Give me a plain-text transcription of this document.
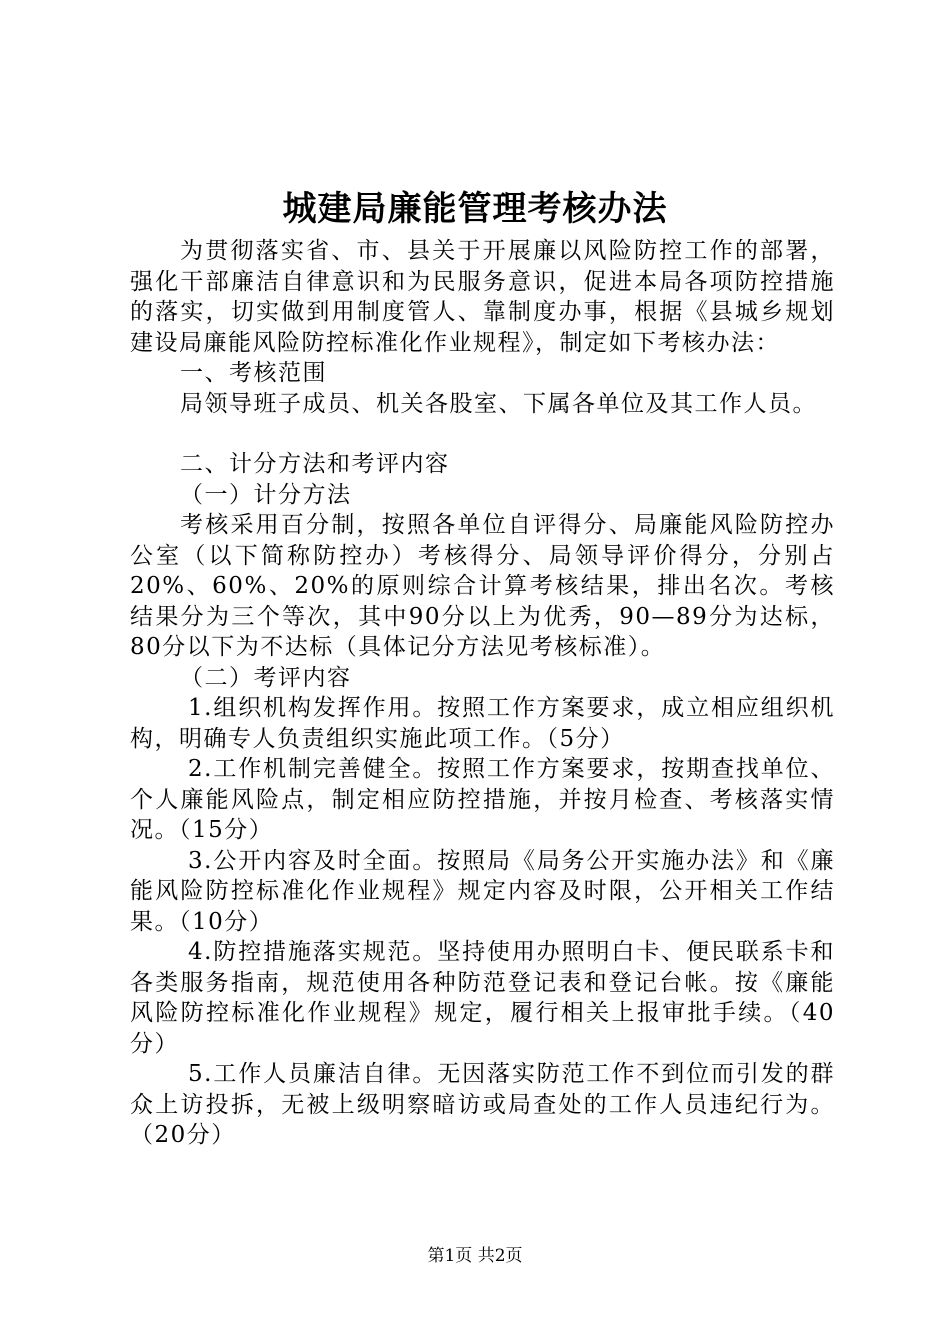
城建局廉能管理考核办法

为贯彻落实省、市、县关于开展廉以风险防控工作的部署，强化干部廉洁自律意识和为民服务意识，促进本局各项防控措施的落实，切实做到用制度管人、靠制度办事，根据《县城乡规划建设局廉能风险防控标准化作业规程》，制定如下考核办法：

一、考核范围

局领导班子成员、机关各股室、下属各单位及其工作人员。

二、计分方法和考评内容

（一）计分方法

考核采用百分制，按照各单位自评得分、局廉能风险防控办公室（以下简称防控办）考核得分、局领导评价得分，分别占20%、60%、20%的原则综合计算考核结果，排出名次。考核结果分为三个等次，其中90分以上为优秀，90—89分为达标，80分以下为不达标（具体记分方法见考核标准）。

（二）考评内容

1.组织机构发挥作用。按照工作方案要求，成立相应组织机构，明确专人负责组织实施此项工作。（5分）

2.工作机制完善健全。按照工作方案要求，按期查找单位、个人廉能风险点，制定相应防控措施，并按月检查、考核落实情况。（15分）

3.公开内容及时全面。按照局《局务公开实施办法》和《廉能风险防控标准化作业规程》规定内容及时限，公开相关工作结果。（10分）

4.防控措施落实规范。坚持使用办照明白卡、便民联系卡和各类服务指南，规范使用各种防范登记表和登记台帐。按《廉能风险防控标准化作业规程》规定，履行相关上报审批手续。（40分）

5.工作人员廉洁自律。无因落实防范工作不到位而引发的群众上访投拆，无被上级明察暗访或局查处的工作人员违纪行为。（20分）

第1页 共2页
